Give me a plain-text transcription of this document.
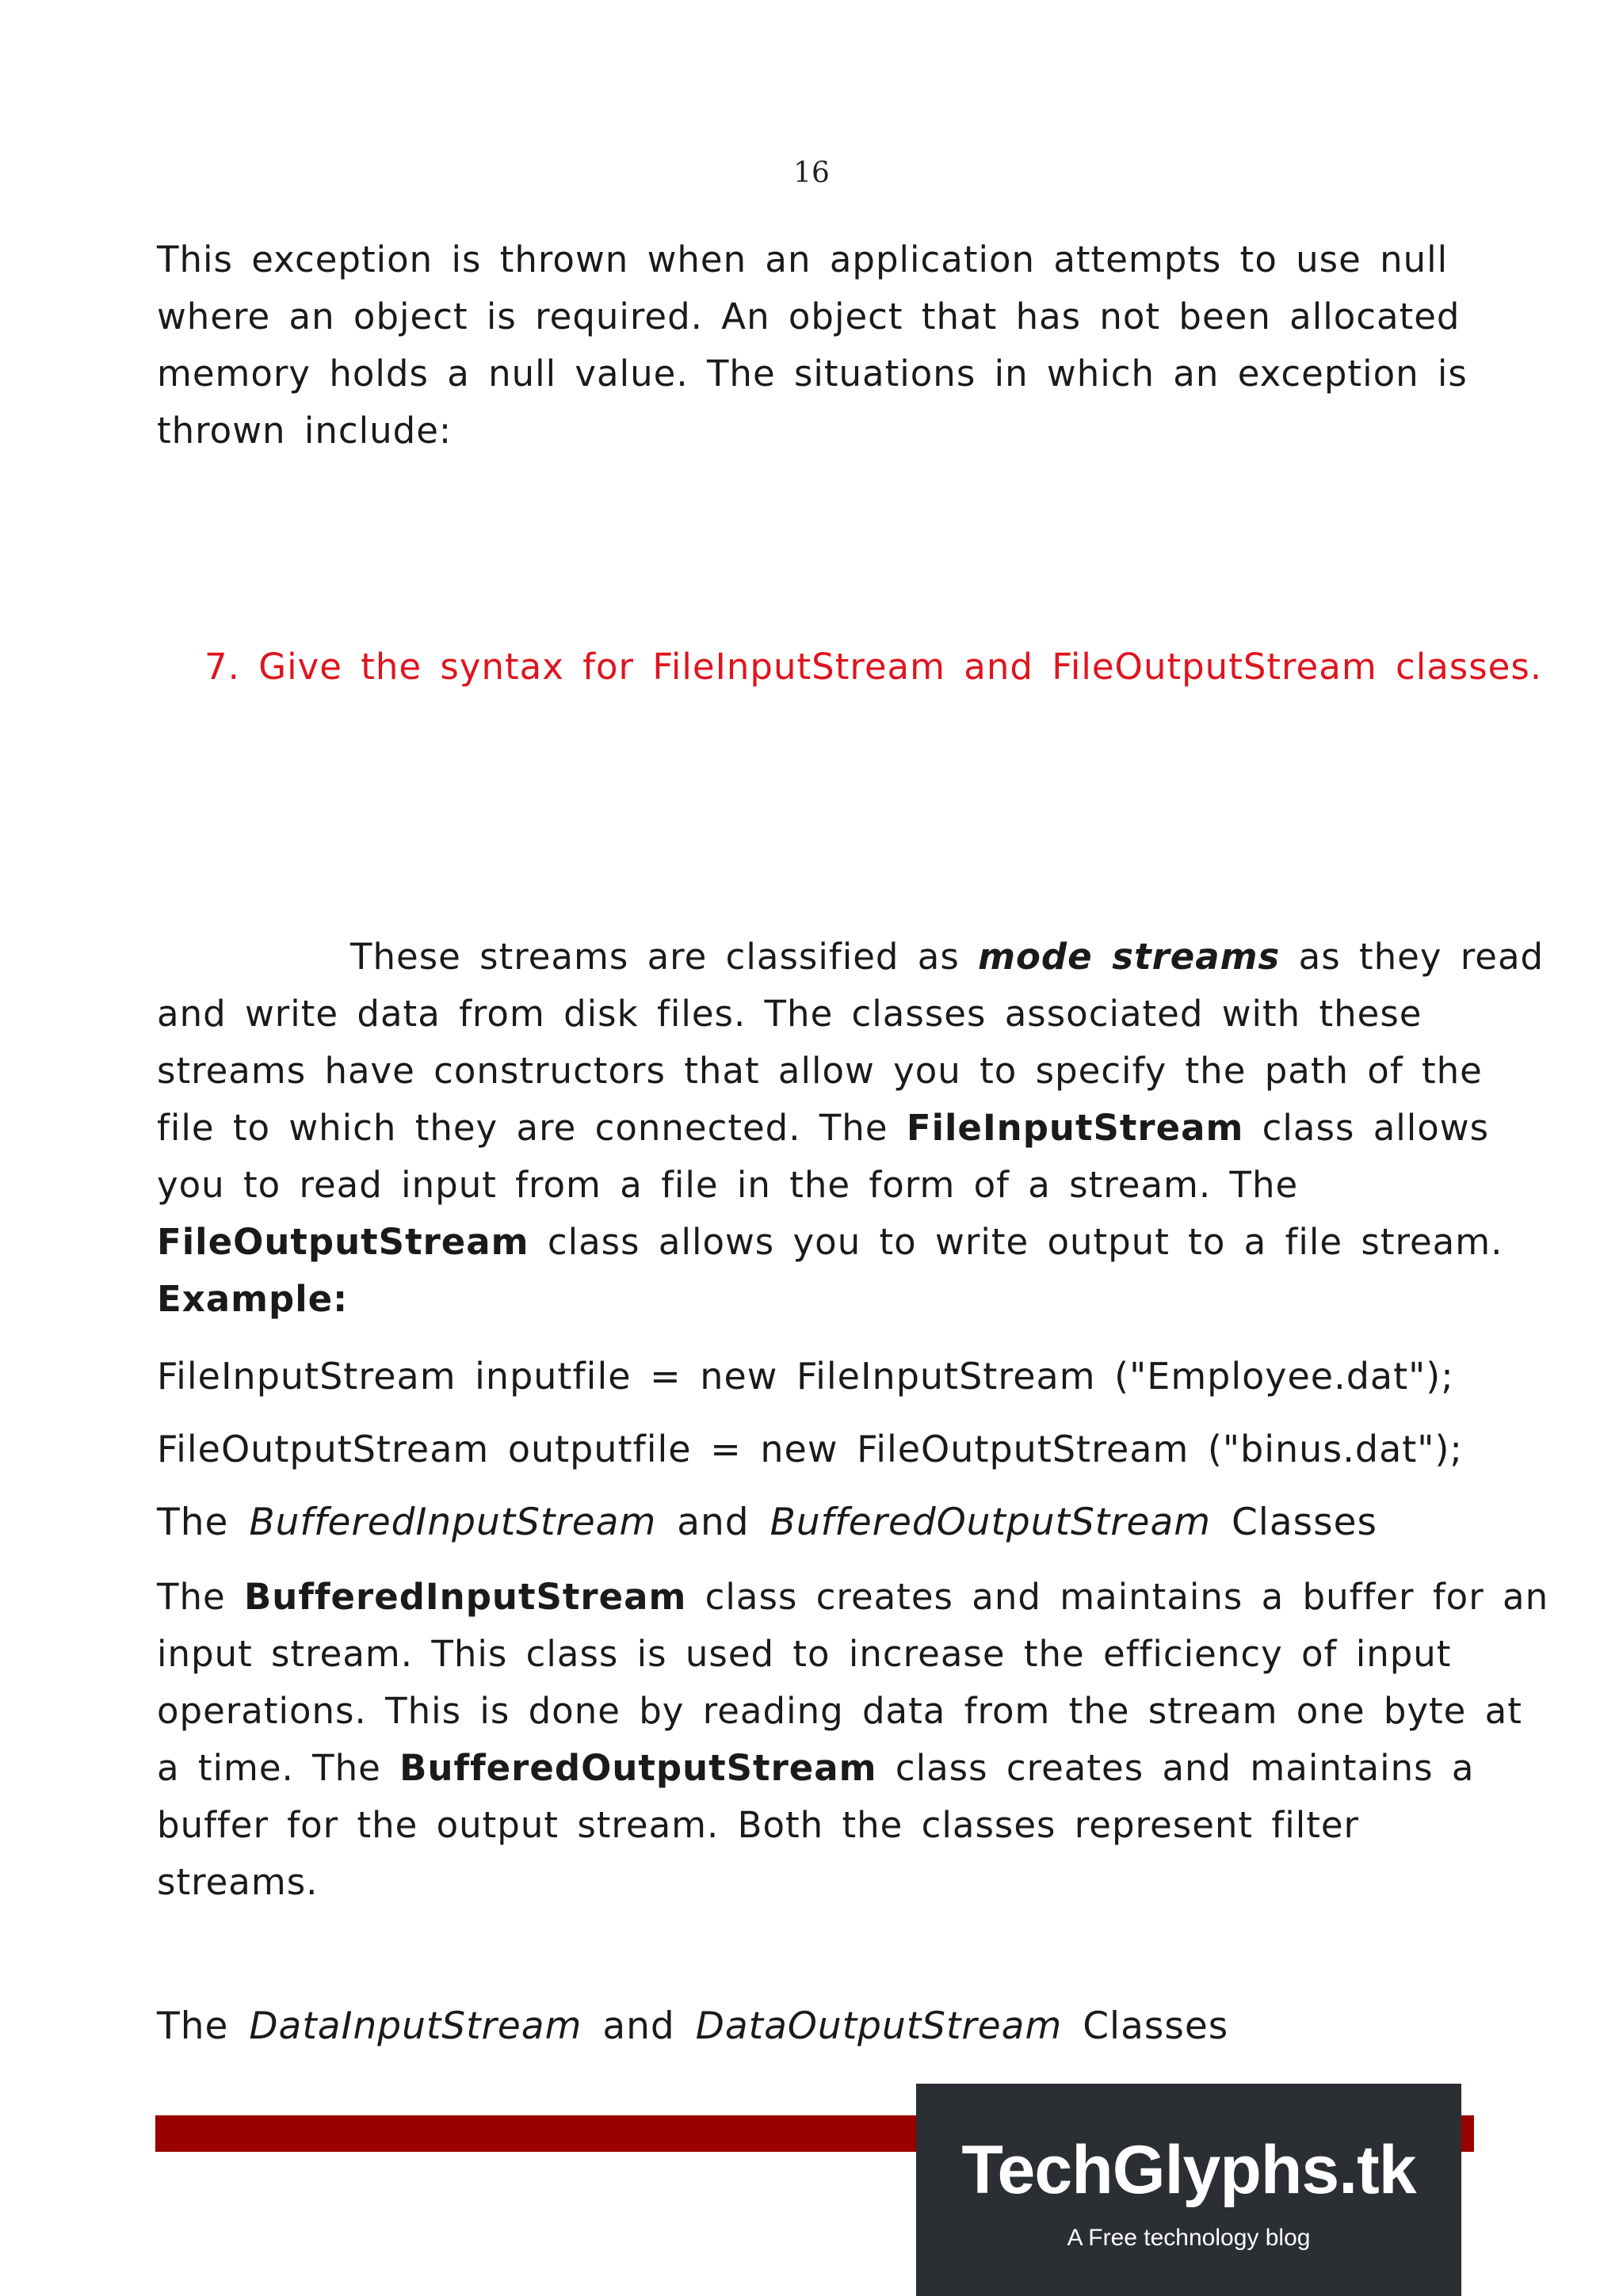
16

This exception is thrown when an application attempts to use null
where an object is required. An object that has not been allocated
memory holds a null value. The situations in which an exception is
thrown include:

7. Give the syntax for FileInputStream and FileOutputStream classes.

These streams are classified as mode streams as they read
and write data from disk files. The classes associated with these
streams have constructors that allow you to specify the path of the
file to which they are connected. The FileInputStream class allows
you to read input from a file in the form of a stream. The
FileOutputStream class allows you to write output to a file stream.
Example:

FileInputStream inputfile = new FileInputStream ("Employee.dat");
FileOutputStream outputfile = new FileOutputStream ("binus.dat");
The BufferedInputStream and BufferedOutputStream Classes

The BufferedInputStream class creates and maintains a buffer for an
input stream. This class is used to increase the efficiency of input
operations. This is done by reading data from the stream one byte at
a time. The BufferedOutputStream class creates and maintains a
buffer for the output stream. Both the classes represent filter
streams.

The DataInputStream and DataOutputStream Classes
TechGlyphs.tk
A Free technology blog
